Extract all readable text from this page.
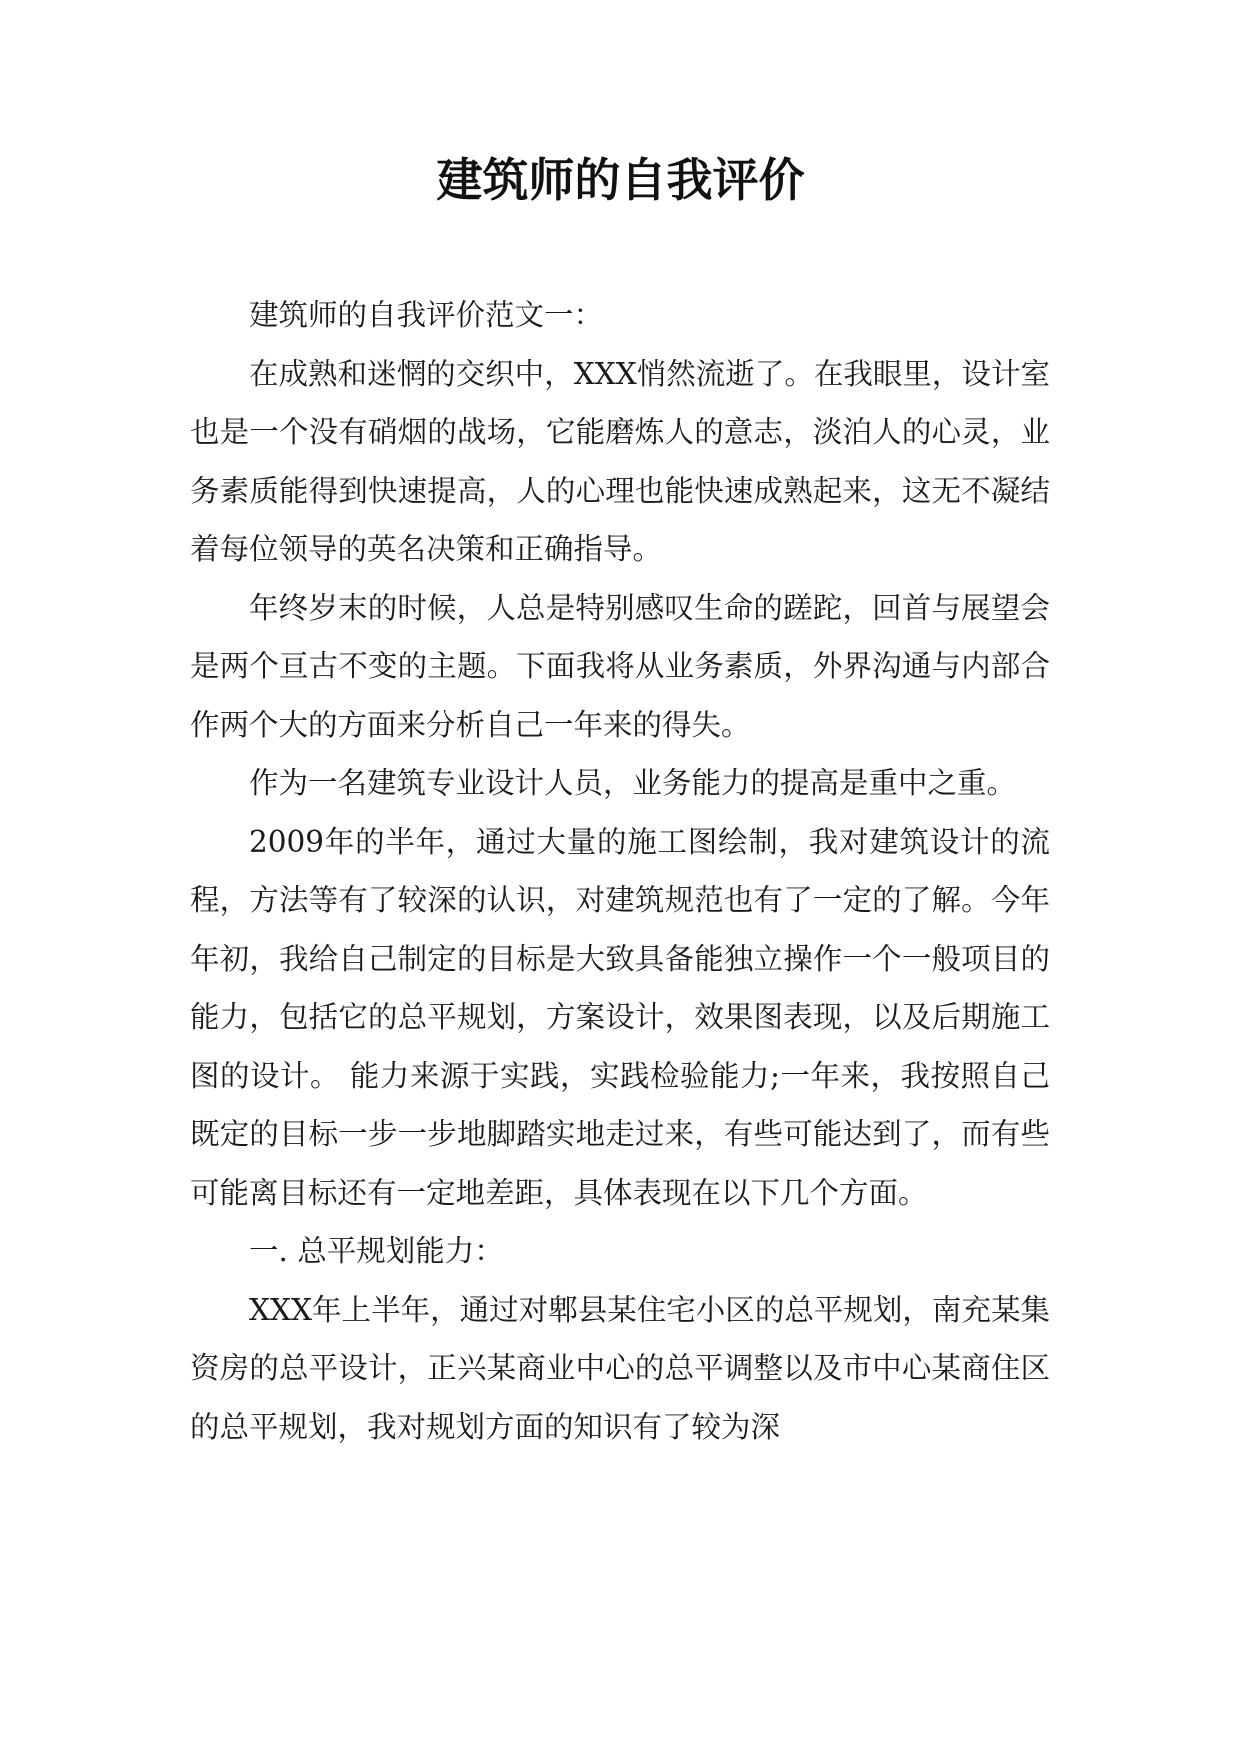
建筑师的自我评价

建筑师的自我评价范文一：

在成熟和迷惘的交织中，XXX悄然流逝了。在我眼里，设计室也是一个没有硝烟的战场，它能磨炼人的意志，淡泊人的心灵，业务素质能得到快速提高，人的心理也能快速成熟起来，这无不凝结着每位领导的英名决策和正确指导。

年终岁末的时候，人总是特别感叹生命的蹉跎，回首与展望会是两个亘古不变的主题。下面我将从业务素质，外界沟通与内部合作两个大的方面来分析自己一年来的得失。

作为一名建筑专业设计人员，业务能力的提高是重中之重。

2009年的半年，通过大量的施工图绘制，我对建筑设计的流程，方法等有了较深的认识，对建筑规范也有了一定的了解。今年年初，我给自己制定的目标是大致具备能独立操作一个一般项目的能力，包括它的总平规划，方案设计，效果图表现，以及后期施工图的设计。 能力来源于实践，实践检验能力;一年来，我按照自己既定的目标一步一步地脚踏实地走过来，有些可能达到了，而有些可能离目标还有一定地差距，具体表现在以下几个方面。

一. 总平规划能力：

XXX年上半年，通过对郫县某住宅小区的总平规划，南充某集资房的总平设计，正兴某商业中心的总平调整以及市中心某商住区的总平规划，我对规划方面的知识有了较为深
